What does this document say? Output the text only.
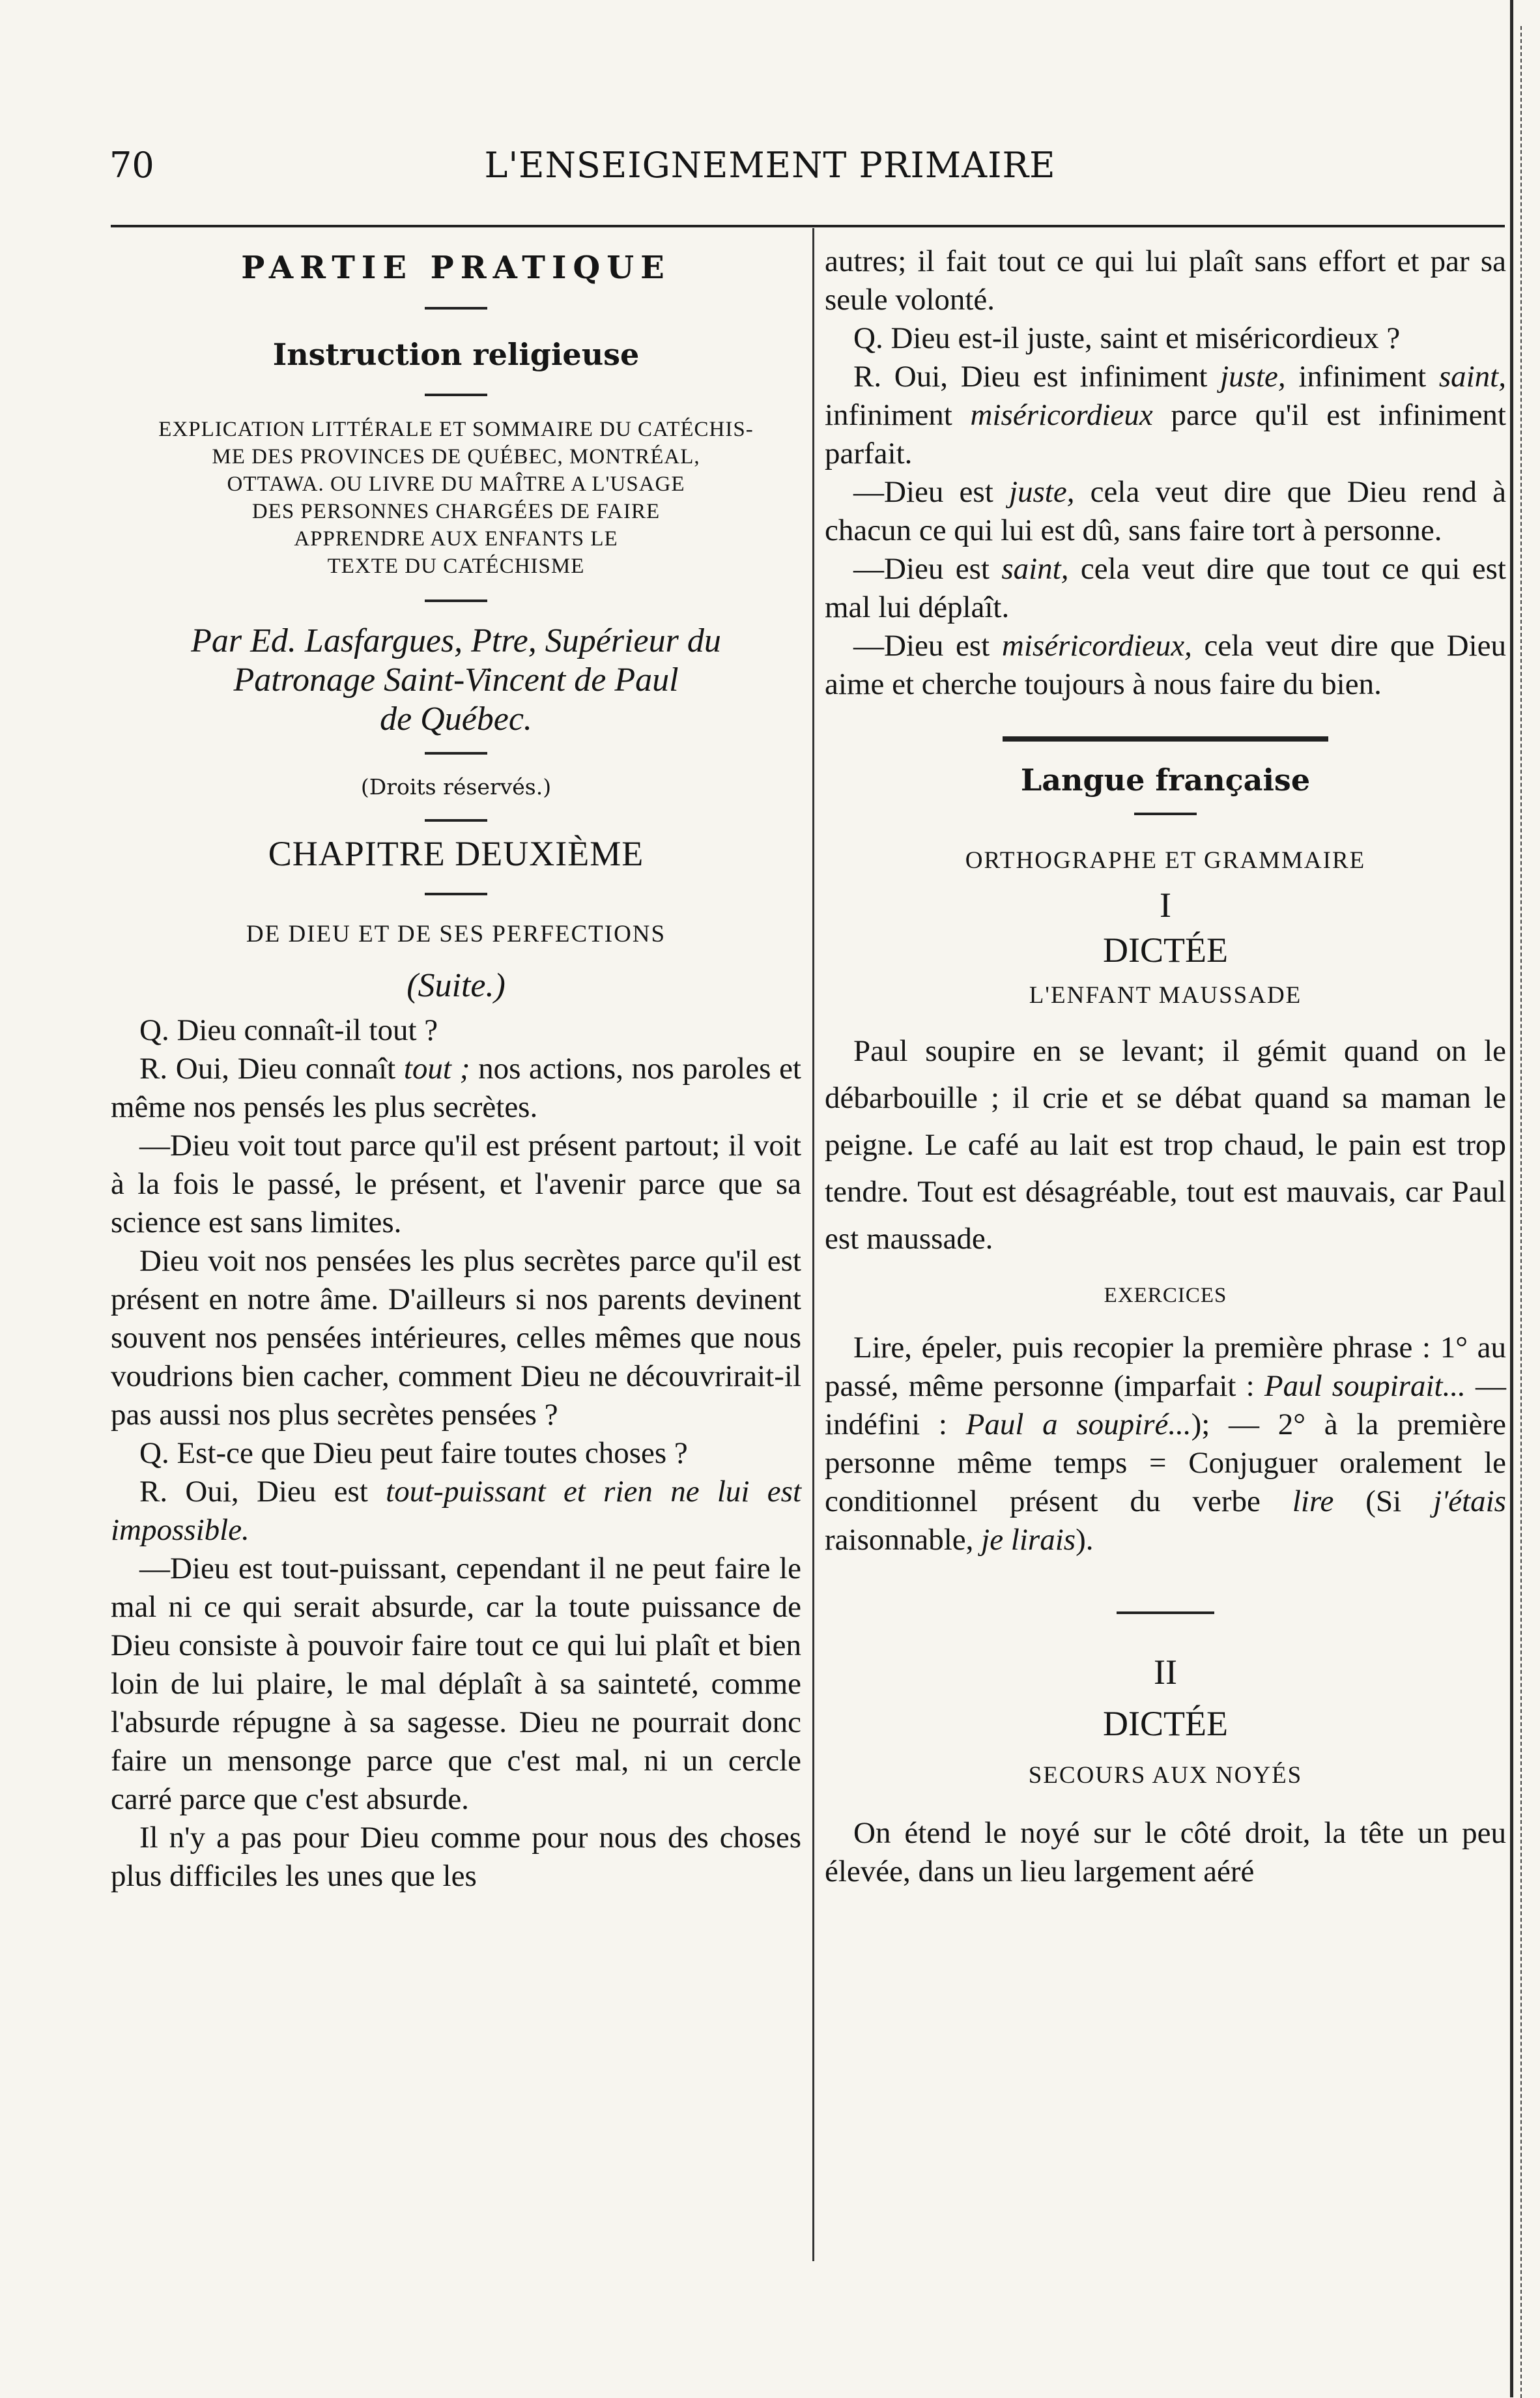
70	L'ENSEIGNEMENT PRIMAIRE
PARTIE PRATIQUE
Instruction religieuse
EXPLICATION LITTÉRALE ET SOMMAIRE DU CATÉCHIS-
ME DES PROVINCES DE QUÉBEC, MONTRÉAL,
OTTAWA. OU LIVRE DU MAÎTRE A L'USAGE
DES PERSONNES CHARGÉES DE FAIRE
APPRENDRE AUX ENFANTS LE
TEXTE DU CATÉCHISME
Par Ed. Lasfargues, Ptre, Supérieur du
Patronage Saint-Vincent de Paul
de Québec.
(Droits réservés.)
CHAPITRE DEUXIÈME
DE DIEU ET DE SES PERFECTIONS
(Suite.)

Q. Dieu connaît-il tout ?

R. Oui, Dieu connaît tout ; nos actions, nos paroles et même nos pensés les plus secrètes.

—Dieu voit tout parce qu'il est présent partout; il voit à la fois le passé, le présent, et l'avenir parce que sa science est sans limites.

Dieu voit nos pensées les plus secrètes parce qu'il est présent en notre âme. D'ailleurs si nos parents devinent souvent nos pensées intérieures, celles mêmes que nous voudrions bien cacher, comment Dieu ne découvrirait-il pas aussi nos plus secrètes pensées ?

Q. Est-ce que Dieu peut faire toutes choses ?

R. Oui, Dieu est tout-puissant et rien ne lui est impossible.

—Dieu est tout-puissant, cependant il ne peut faire le mal ni ce qui serait absurde, car la toute puissance de Dieu consiste à pouvoir faire tout ce qui lui plaît et bien loin de lui plaire, le mal déplaît à sa sainteté, comme l'absurde répugne à sa sagesse. Dieu ne pourrait donc faire un mensonge parce que c'est mal, ni un cercle carré parce que c'est absurde.

Il n'y a pas pour Dieu comme pour nous des choses plus difficiles les unes que les

autres; il fait tout ce qui lui plaît sans effort et par sa seule volonté.

Q. Dieu est-il juste, saint et miséricordieux ?

R. Oui, Dieu est infiniment juste, infiniment saint, infiniment miséricordieux parce qu'il est infiniment parfait.

—Dieu est juste, cela veut dire que Dieu rend à chacun ce qui lui est dû, sans faire tort à personne.

—Dieu est saint, cela veut dire que tout ce qui est mal lui déplaît.

—Dieu est miséricordieux, cela veut dire que Dieu aime et cherche toujours à nous faire du bien.

Langue française
ORTHOGRAPHE ET GRAMMAIRE
I
DICTÉE
L'ENFANT MAUSSADE

Paul soupire en se levant; il gémit quand on le débarbouille ; il crie et se débat quand sa maman le peigne. Le café au lait est trop chaud, le pain est trop tendre. Tout est désagréable, tout est mauvais, car Paul est maussade.

EXERCICES

Lire, épeler, puis recopier la première phrase : 1° au passé, même personne (imparfait : Paul soupirait... — indéfini : Paul a soupiré...); — 2° à la première personne même temps = Conjuguer oralement le conditionnel présent du verbe lire (Si j'étais raisonnable, je lirais).

II
DICTÉE
SECOURS AUX NOYÉS

On étend le noyé sur le côté droit, la tête un peu élevée, dans un lieu largement aéré
